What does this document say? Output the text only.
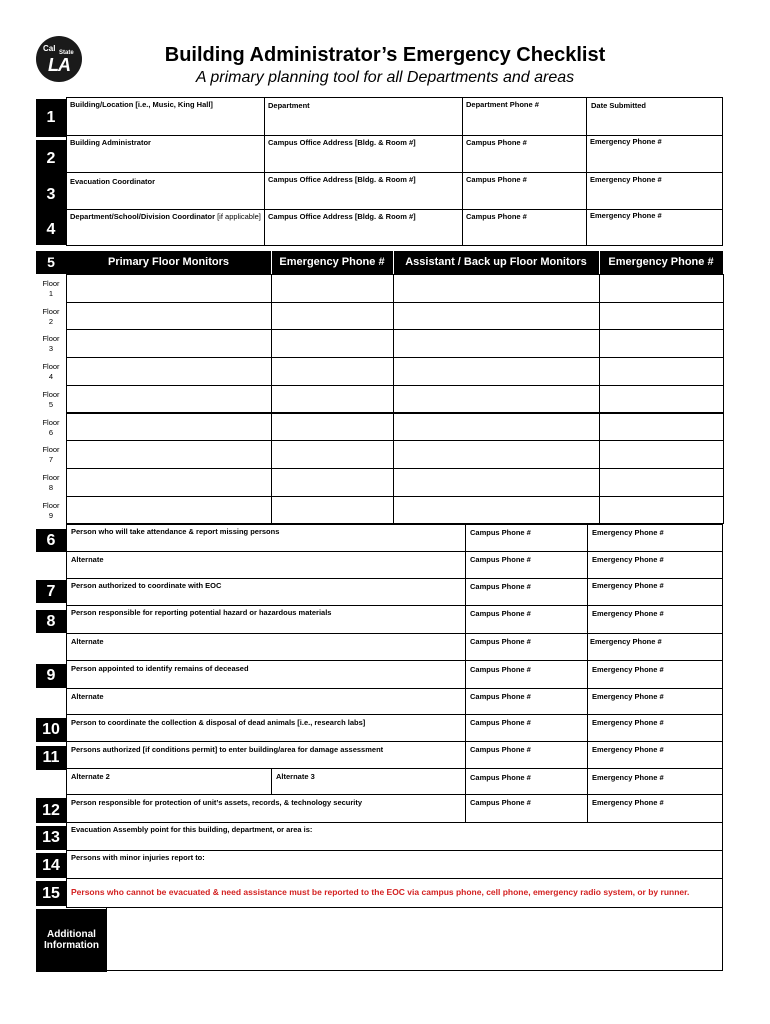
Cal State
LA	Building Administrator’s Emergency Checklist
A primary planning tool for all Departments and areas
1
Building/Location [i.e., Music, King Hall]	Department	Department Phone #	Date Submitted
2
Building Administrator	Campus Office Address [Bldg. & Room #]	Campus Phone #	Emergency Phone #
3
Evacuation Coordinator	Campus Office Address [Bldg. & Room #]	Campus Phone #	Emergency Phone #
4
Department/School/Division Coordinator [if applicable] Campus Office Address [Bldg. & Room #]	Campus Phone #	Emergency Phone #
5	Primary Floor Monitors	Emergency Phone #	Assistant / Back up Floor Monitors	Emergency Phone #
Floor
1
Floor
2
Floor
3
Floor
4
Floor
5
Floor
6
Floor
7
Floor
8
Floor
9
6
Person who will take attendance & report missing persons	Campus Phone #	Emergency Phone #
Alternate	Campus Phone #	Emergency Phone #
7	Person authorized to coordinate with EOC	Campus Phone #	Emergency Phone #
8
Person responsible for reporting potential hazard or hazardous materials	Campus Phone #	Emergency Phone #
Alternate	Campus Phone #	Emergency Phone #
9	Person appointed to identify remains of deceased	Campus Phone #	Emergency Phone #
Alternate	Campus Phone #	Emergency Phone #
10	Person to coordinate the collection & disposal of dead animals [i.e., research labs]	Campus Phone #	Emergency Phone #
11	Persons authorized [if conditions permit] to enter building/area for damage assessment	Campus Phone #	Emergency Phone #
Alternate 2	Alternate 3	Campus Phone #	Emergency Phone #
12	Person responsible for protection of unit’s assets, records, & technology security	Campus Phone #	Emergency Phone #
13	Evacuation Assembly point for this building, department, or area is:
14	Persons with minor injuries report to:
15	Persons who cannot be evacuated & need assistance must be reported to the EOC via campus phone, cell phone, emergency radio system, or by runner.
Additional
Information
